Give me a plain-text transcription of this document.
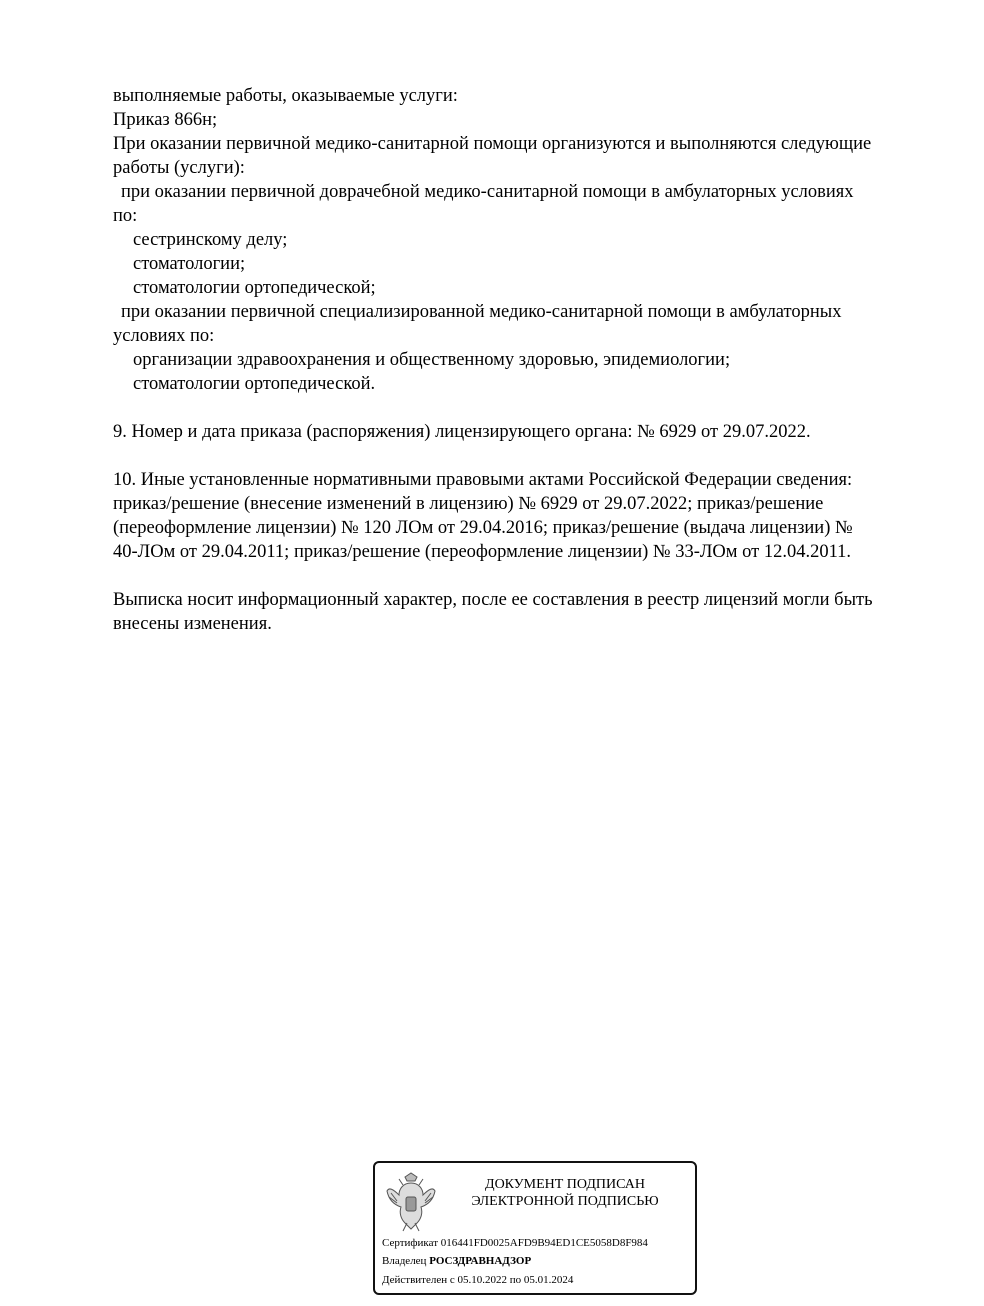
выполняемые работы, оказываемые услуги:
Приказ 866н;
При оказании первичной медико-санитарной помощи организуются и выполняются следующие
работы (услуги):
при оказании первичной доврачебной медико-санитарной помощи в амбулаторных условиях
по:
сестринскому делу;
стоматологии;
стоматологии ортопедической;
при оказании первичной специализированной медико-санитарной помощи в амбулаторных
условиях по:
организации здравоохранения и общественному здоровью, эпидемиологии;
стоматологии ортопедической.
9. Номер и дата приказа (распоряжения) лицензирующего органа: № 6929 от 29.07.2022.
10. Иные установленные нормативными правовыми актами Российской Федерации сведения:
приказ/решение (внесение изменений в лицензию) № 6929 от 29.07.2022; приказ/решение
(переоформление лицензии) № 120 ЛОм от 29.04.2016; приказ/решение (выдача лицензии) №
40-ЛОм от 29.04.2011; приказ/решение (переоформление лицензии) № 33-ЛОм от 12.04.2011.
Выписка носит информационный характер, после ее составления в реестр лицензий могли быть
внесены изменения.
ДОКУМЕНТ ПОДПИСАН
ЭЛЕКТРОННОЙ ПОДПИСЬЮ
Сертификат 016441FD0025AFD9B94ED1CE5058D8F984
Владелец РОСЗДРАВНАДЗОР
Действителен с 05.10.2022 по 05.01.2024
